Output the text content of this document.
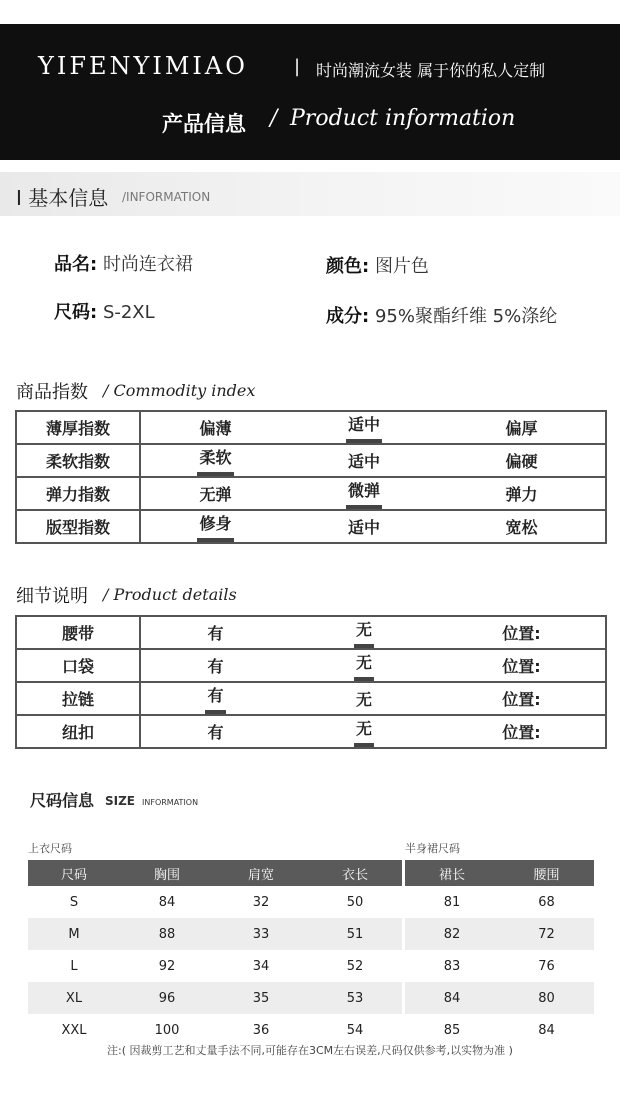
YIFENYIMIAO	| 时尚潮流女装 属于你的私人定制
产品信息 / Product information
I 基本信息 /INFORMATION
品名: 时尚连衣裙	颜色: 图片色
尺码: S-2XL	成分: 95%聚酯纤维 5%涤纶
商品指数 / Commodity index
薄厚指数	偏薄	适中	偏厚
柔软指数	柔软	适中	偏硬
弹力指数	无弹	微弹	弹力
版型指数	修身	适中	宽松
细节说明 / Product details
腰带	有	无	位置:
口袋	有	无	位置:
拉链	有	无	位置:
纽扣	有	无	位置:
尺码信息 SIZE INFORMATION
上衣尺码	半身裙尺码
尺码	胸围	肩宽	衣长		裙长	腰围
S	84	32	50		81	68
M	88	33	51		82	72
L	92	34	52		83	76
XL	96	35	53		84	80
XXL	100	36	54		85	84
注:( 因裁剪工艺和丈量手法不同,可能存在3CM左右误差,尺码仅供参考,以实物为准 )
